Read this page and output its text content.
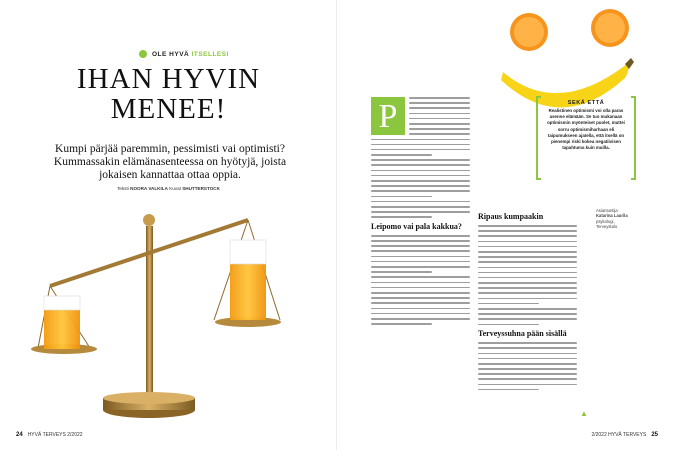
OLE HYVÄ ITSELLESI
IHAN HYVIN
MENEE!
Kumpi pärjää paremmin, pessimisti vai optimisti? Kummassakin elämänasenteessa on hyötyjä, joista jokaisen kannattaa ottaa oppia.
Teksti NOORA VALKILA Kuvat SHUTTERSTOCK
24 HYVÄ TERVEYS 2/2022
SEKÄ ETTÄ
Realistinen optimismi voi olla paras asenne elämään. Se tuo mukanaan optimismin myönteiset puolet, muttei sorru optimismiharhaan eli taipumukseen ajatella, että itsellä on pienempi riski kokea negatiivisen tapahtuma kuin muilla.
P
Leipomo vai pala kakkua?
Ripaus kumpaakin
Terveyssuhna pään sisällä
Asiantuntija
Katarina Laurila
psykologi,
Terveystalo
▲
2/2022 HYVÄ TERVEYS 25
